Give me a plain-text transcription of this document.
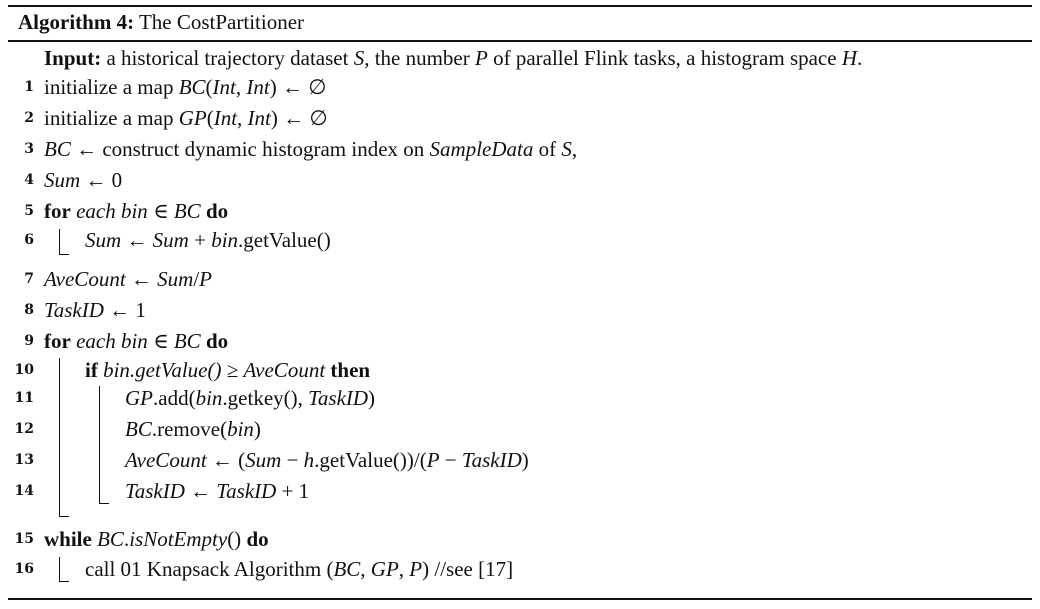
Algorithm 4: The CostPartitioner
Input: a historical trajectory dataset S, the number P of parallel Flink tasks, a histogram space H.
1 initialize a map BC(Int, Int) ← ∅
2 initialize a map GP(Int, Int) ← ∅
3 BC ← construct dynamic histogram index on SampleData of S,
4 Sum ← 0
5 for each bin ∈ BC do
6 Sum ← Sum + bin.getValue()
7 AveCount ← Sum/P
8 TaskID ← 1
9 for each bin ∈ BC do
10 if bin.getValue() ≥ AveCount then
11	GP.add(bin.getkey(), TaskID)
12	BC.remove(bin)
13	AveCount ← (Sum − h.getValue())/(P − TaskID)
14	TaskID ← TaskID + 1
15 while BC.isNotEmpty() do
16 call 01 Knapsack Algorithm (BC, GP, P) //see [17]
